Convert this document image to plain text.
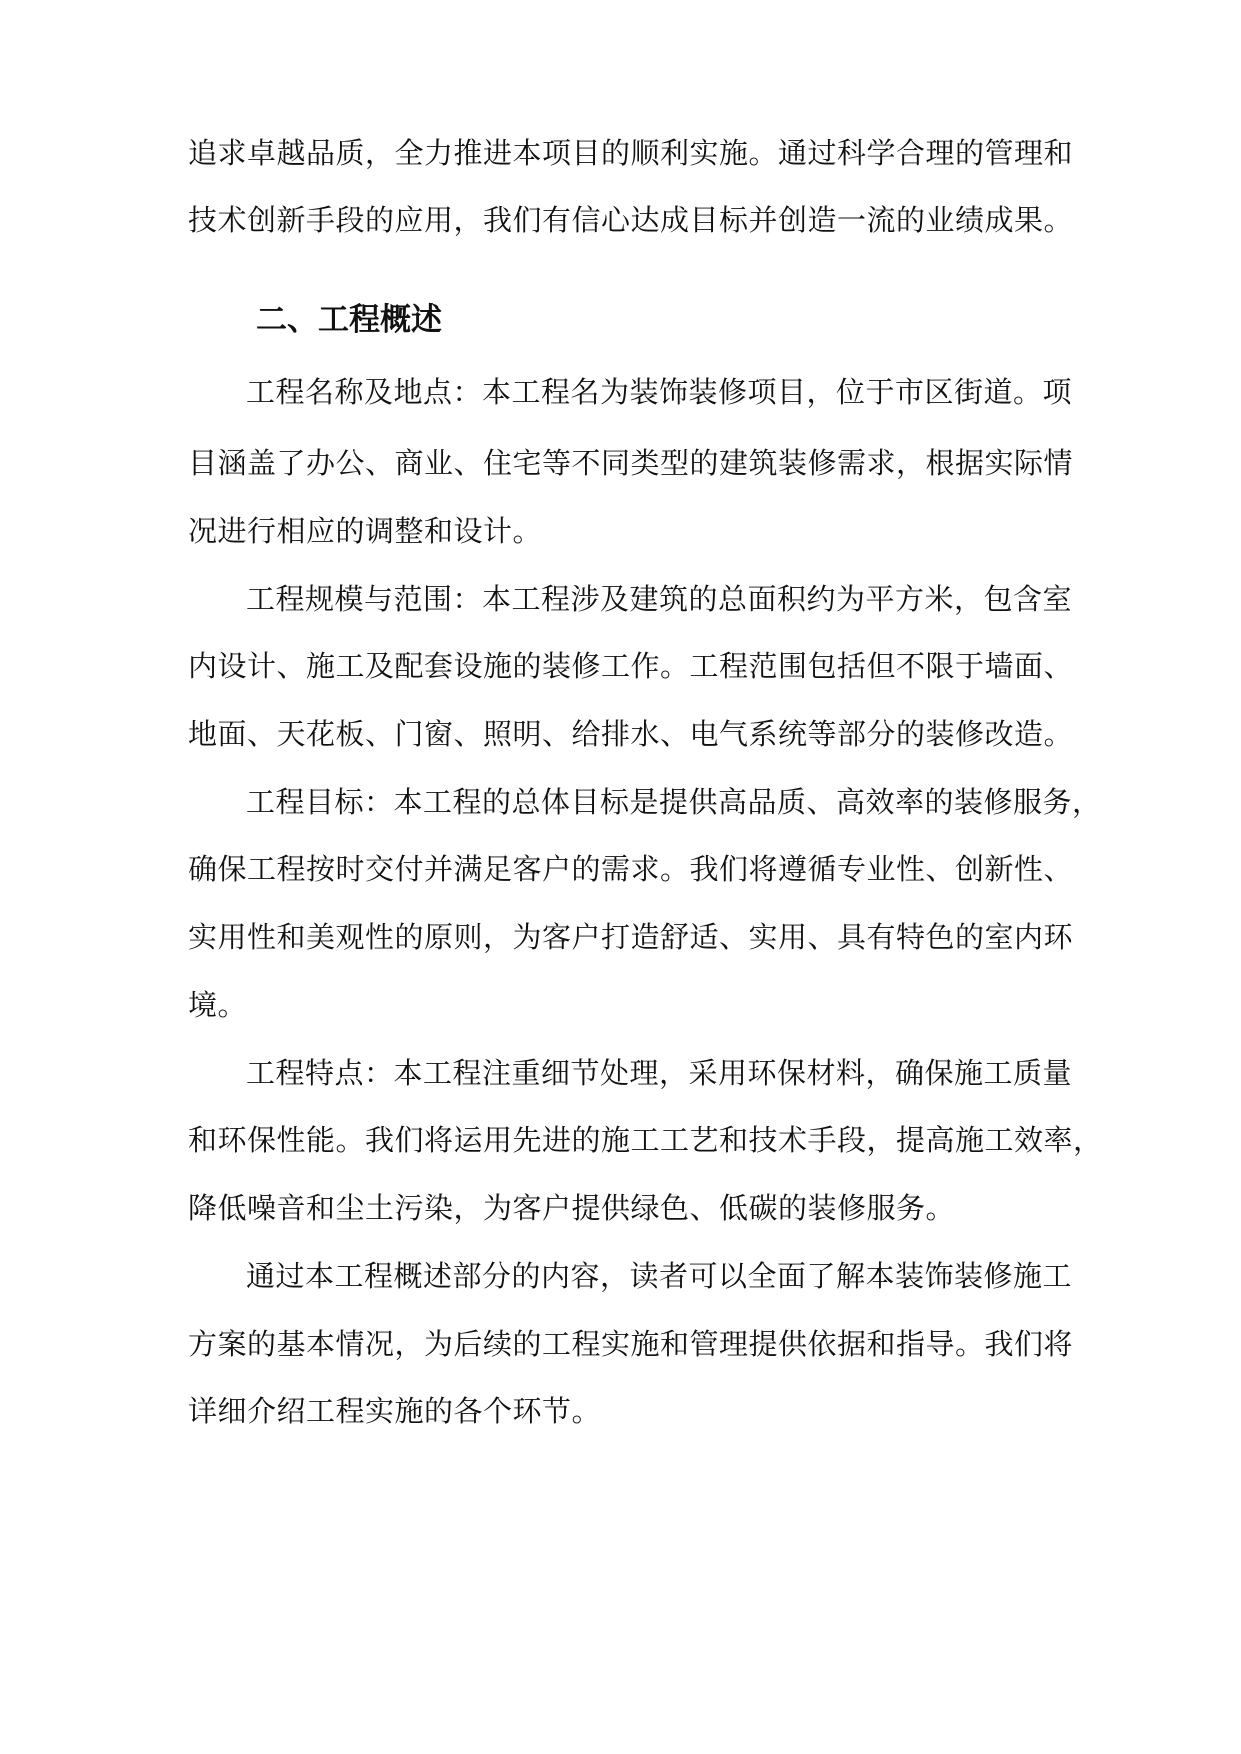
追求卓越品质，全力推进本项目的顺利实施。通过科学合理的管理和
技术创新手段的应用，我们有信心达成目标并创造一流的业绩成果。
二、工程概述
工程名称及地点：本工程名为装饰装修项目，位于市区街道。项
目涵盖了办公、商业、住宅等不同类型的建筑装修需求，根据实际情
况进行相应的调整和设计。
工程规模与范围：本工程涉及建筑的总面积约为平方米，包含室
内设计、施工及配套设施的装修工作。工程范围包括但不限于墙面、
地面、天花板、门窗、照明、给排水、电气系统等部分的装修改造。
工程目标：本工程的总体目标是提供高品质、高效率的装修服务，
确保工程按时交付并满足客户的需求。我们将遵循专业性、创新性、
实用性和美观性的原则，为客户打造舒适、实用、具有特色的室内环
境。
工程特点：本工程注重细节处理，采用环保材料，确保施工质量
和环保性能。我们将运用先进的施工工艺和技术手段，提高施工效率，
降低噪音和尘土污染，为客户提供绿色、低碳的装修服务。
通过本工程概述部分的内容，读者可以全面了解本装饰装修施工
方案的基本情况，为后续的工程实施和管理提供依据和指导。我们将
详细介绍工程实施的各个环节。
